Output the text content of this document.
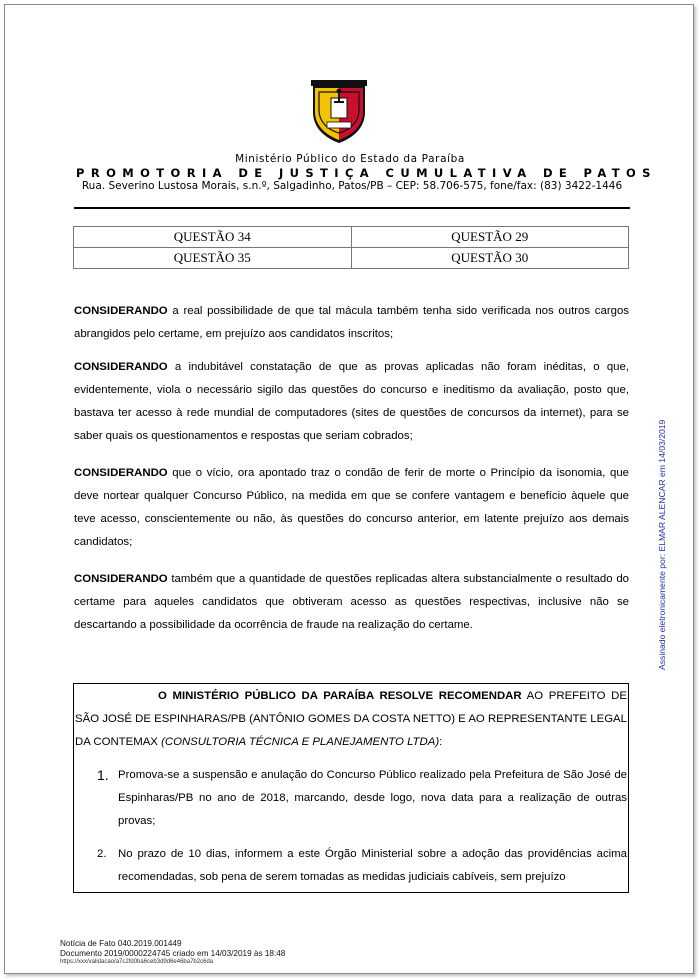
Ministério Público do Estado da Paraíba
PROMOTORIA DE JUSTIÇA CUMULATIVA DE PATOS
Rua. Severino Lustosa Morais, s.n.º, Salgadinho, Patos/PB – CEP: 58.706-575, fone/fax: (83) 3422-1446
QUESTÃO 34	QUESTÃO 29
QUESTÃO 35	QUESTÃO 30
CONSIDERANDO a real possibilidade de que tal mácula também tenha sido verificada nos outros cargos abrangidos pelo certame, em prejuízo aos candidatos inscritos;
CONSIDERANDO a indubitável constatação de que as provas aplicadas não foram inéditas, o que, evidentemente, viola o necessário sigilo das questões do concurso e ineditismo da avaliação, posto que, bastava ter acesso à rede mundial de computadores (sites de questões de concursos da internet), para se saber quais os questionamentos e respostas que seriam cobrados;
CONSIDERANDO que o vício, ora apontado traz o condão de ferir de morte o Princípio da isonomia, que deve nortear qualquer Concurso Público, na medida em que se confere vantagem e benefício àquele que teve acesso, conscientemente ou não, às questões do concurso anterior, em latente prejuízo aos demais candidatos;
CONSIDERANDO também que a quantidade de questões replicadas altera substancialmente o resultado do certame para aqueles candidatos que obtiveram acesso as questões respectivas, inclusive não se descartando a possibilidade da ocorrência de fraude na realização do certame.	Assinado eletronicamente por: ELMAR ALENCAR em 14/03/2019
O MINISTÉRIO PÚBLICO DA PARAÍBA RESOLVE RECOMENDAR AO PREFEITO DE SÃO JOSÉ DE ESPINHARAS/PB (ANTÔNIO GOMES DA COSTA NETTO) E AO REPRESENTANTE LEGAL DA CONTEMAX (CONSULTORIA TÉCNICA E PLANEJAMENTO LTDA):
1. Promova-se a suspensão e anulação do Concurso Público realizado pela Prefeitura de São José de Espinharas/PB no ano de 2018, marcando, desde logo, nova data para a realização de outras provas;
2. No prazo de 10 dias, informem a este Órgão Ministerial sobre a adoção das providências acima recomendadas, sob pena de serem tomadas as medidas judiciais cabíveis, sem prejuízo
Notícia de Fato 040.2019.001449
Documento 2019/0000224745 criado em 14/03/2019 às 18:48
https://xxx/validacao/a7c2fd0ba6ceb3d9d6e46ba7b2c6da
